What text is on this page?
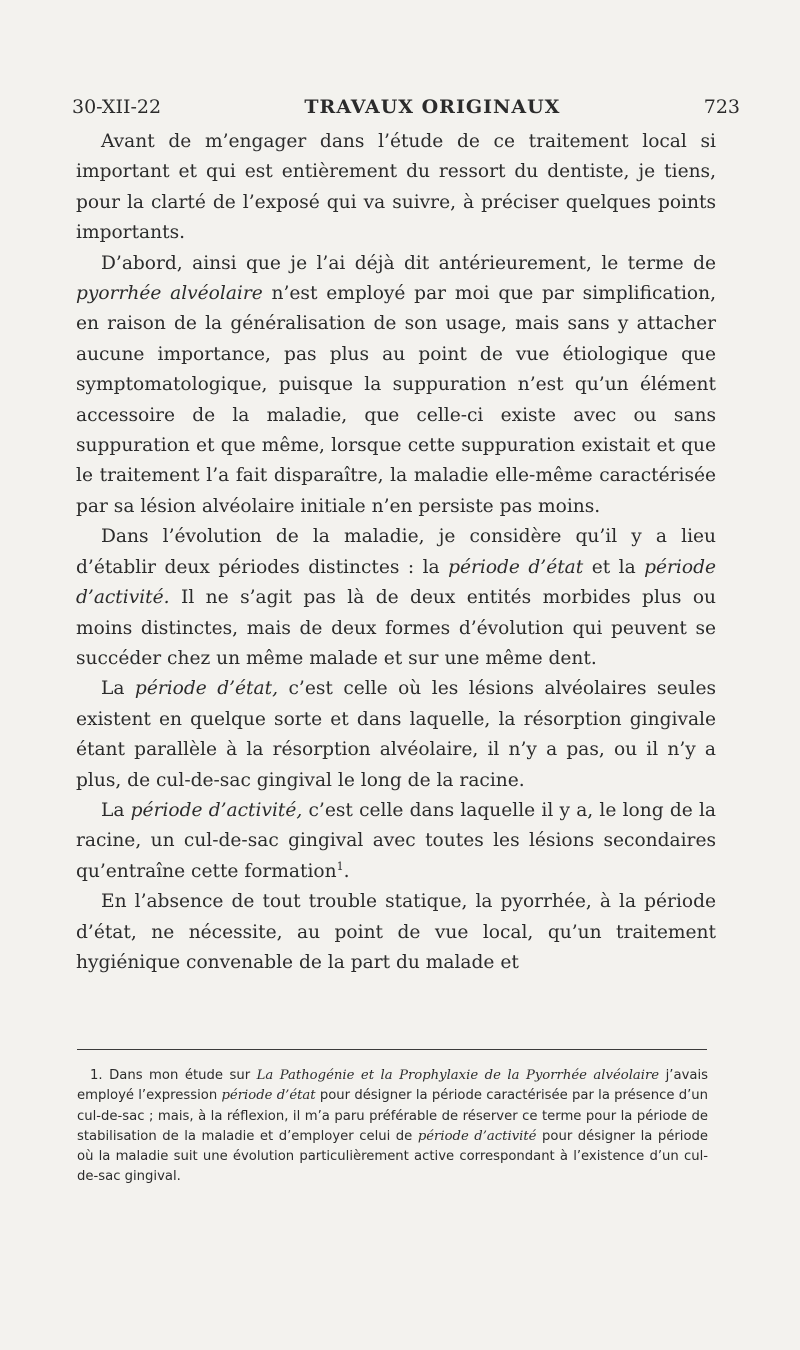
30-XII-22	TRAVAUX ORIGINAUX	723

Avant de m’engager dans l’étude de ce traitement local si important et qui est entièrement du ressort du dentiste, je tiens, pour la clarté de l’exposé qui va suivre, à préciser quelques points importants.

D’abord, ainsi que je l’ai déjà dit antérieurement, le terme de pyorrhée alvéolaire n’est employé par moi que par simplification, en raison de la généralisation de son usage, mais sans y attacher aucune importance, pas plus au point de vue étiologique que symptomatologique, puisque la suppuration n’est qu’un élément accessoire de la maladie, que celle-ci existe avec ou sans suppuration et que même, lorsque cette suppuration existait et que le traitement l’a fait disparaître, la maladie elle-même caractérisée par sa lésion alvéolaire initiale n’en persiste pas moins.

Dans l’évolution de la maladie, je considère qu’il y a lieu d’établir deux périodes distinctes : la période d’état et la période d’activité. Il ne s’agit pas là de deux entités morbides plus ou moins distinctes, mais de deux formes d’évolution qui peuvent se succéder chez un même malade et sur une même dent.

La période d’état, c’est celle où les lésions alvéolaires seules existent en quelque sorte et dans laquelle, la résorption gingivale étant parallèle à la résorption alvéolaire, il n’y a pas, ou il n’y a plus, de cul-de-sac gingival le long de la racine.

La période d’activité, c’est celle dans laquelle il y a, le long de la racine, un cul-de-sac gingival avec toutes les lésions secondaires qu’entraîne cette formation$^1$.

En l’absence de tout trouble statique, la pyorrhée, à la période d’état, ne nécessite, au point de vue local, qu’un traitement hygiénique convenable de la part du malade et

1. Dans mon étude sur La Pathogénie et la Prophylaxie de la Pyorrhée alvéolaire j’avais employé l’expression période d’état pour désigner la période caractérisée par la présence d’un cul-de-sac ; mais, à la réflexion, il m’a paru préférable de réserver ce terme pour la période de stabilisation de la maladie et d’employer celui de période d’activité pour désigner la période où la maladie suit une évolution particulièrement active correspondant à l’existence d’un cul-de-sac gingival.
